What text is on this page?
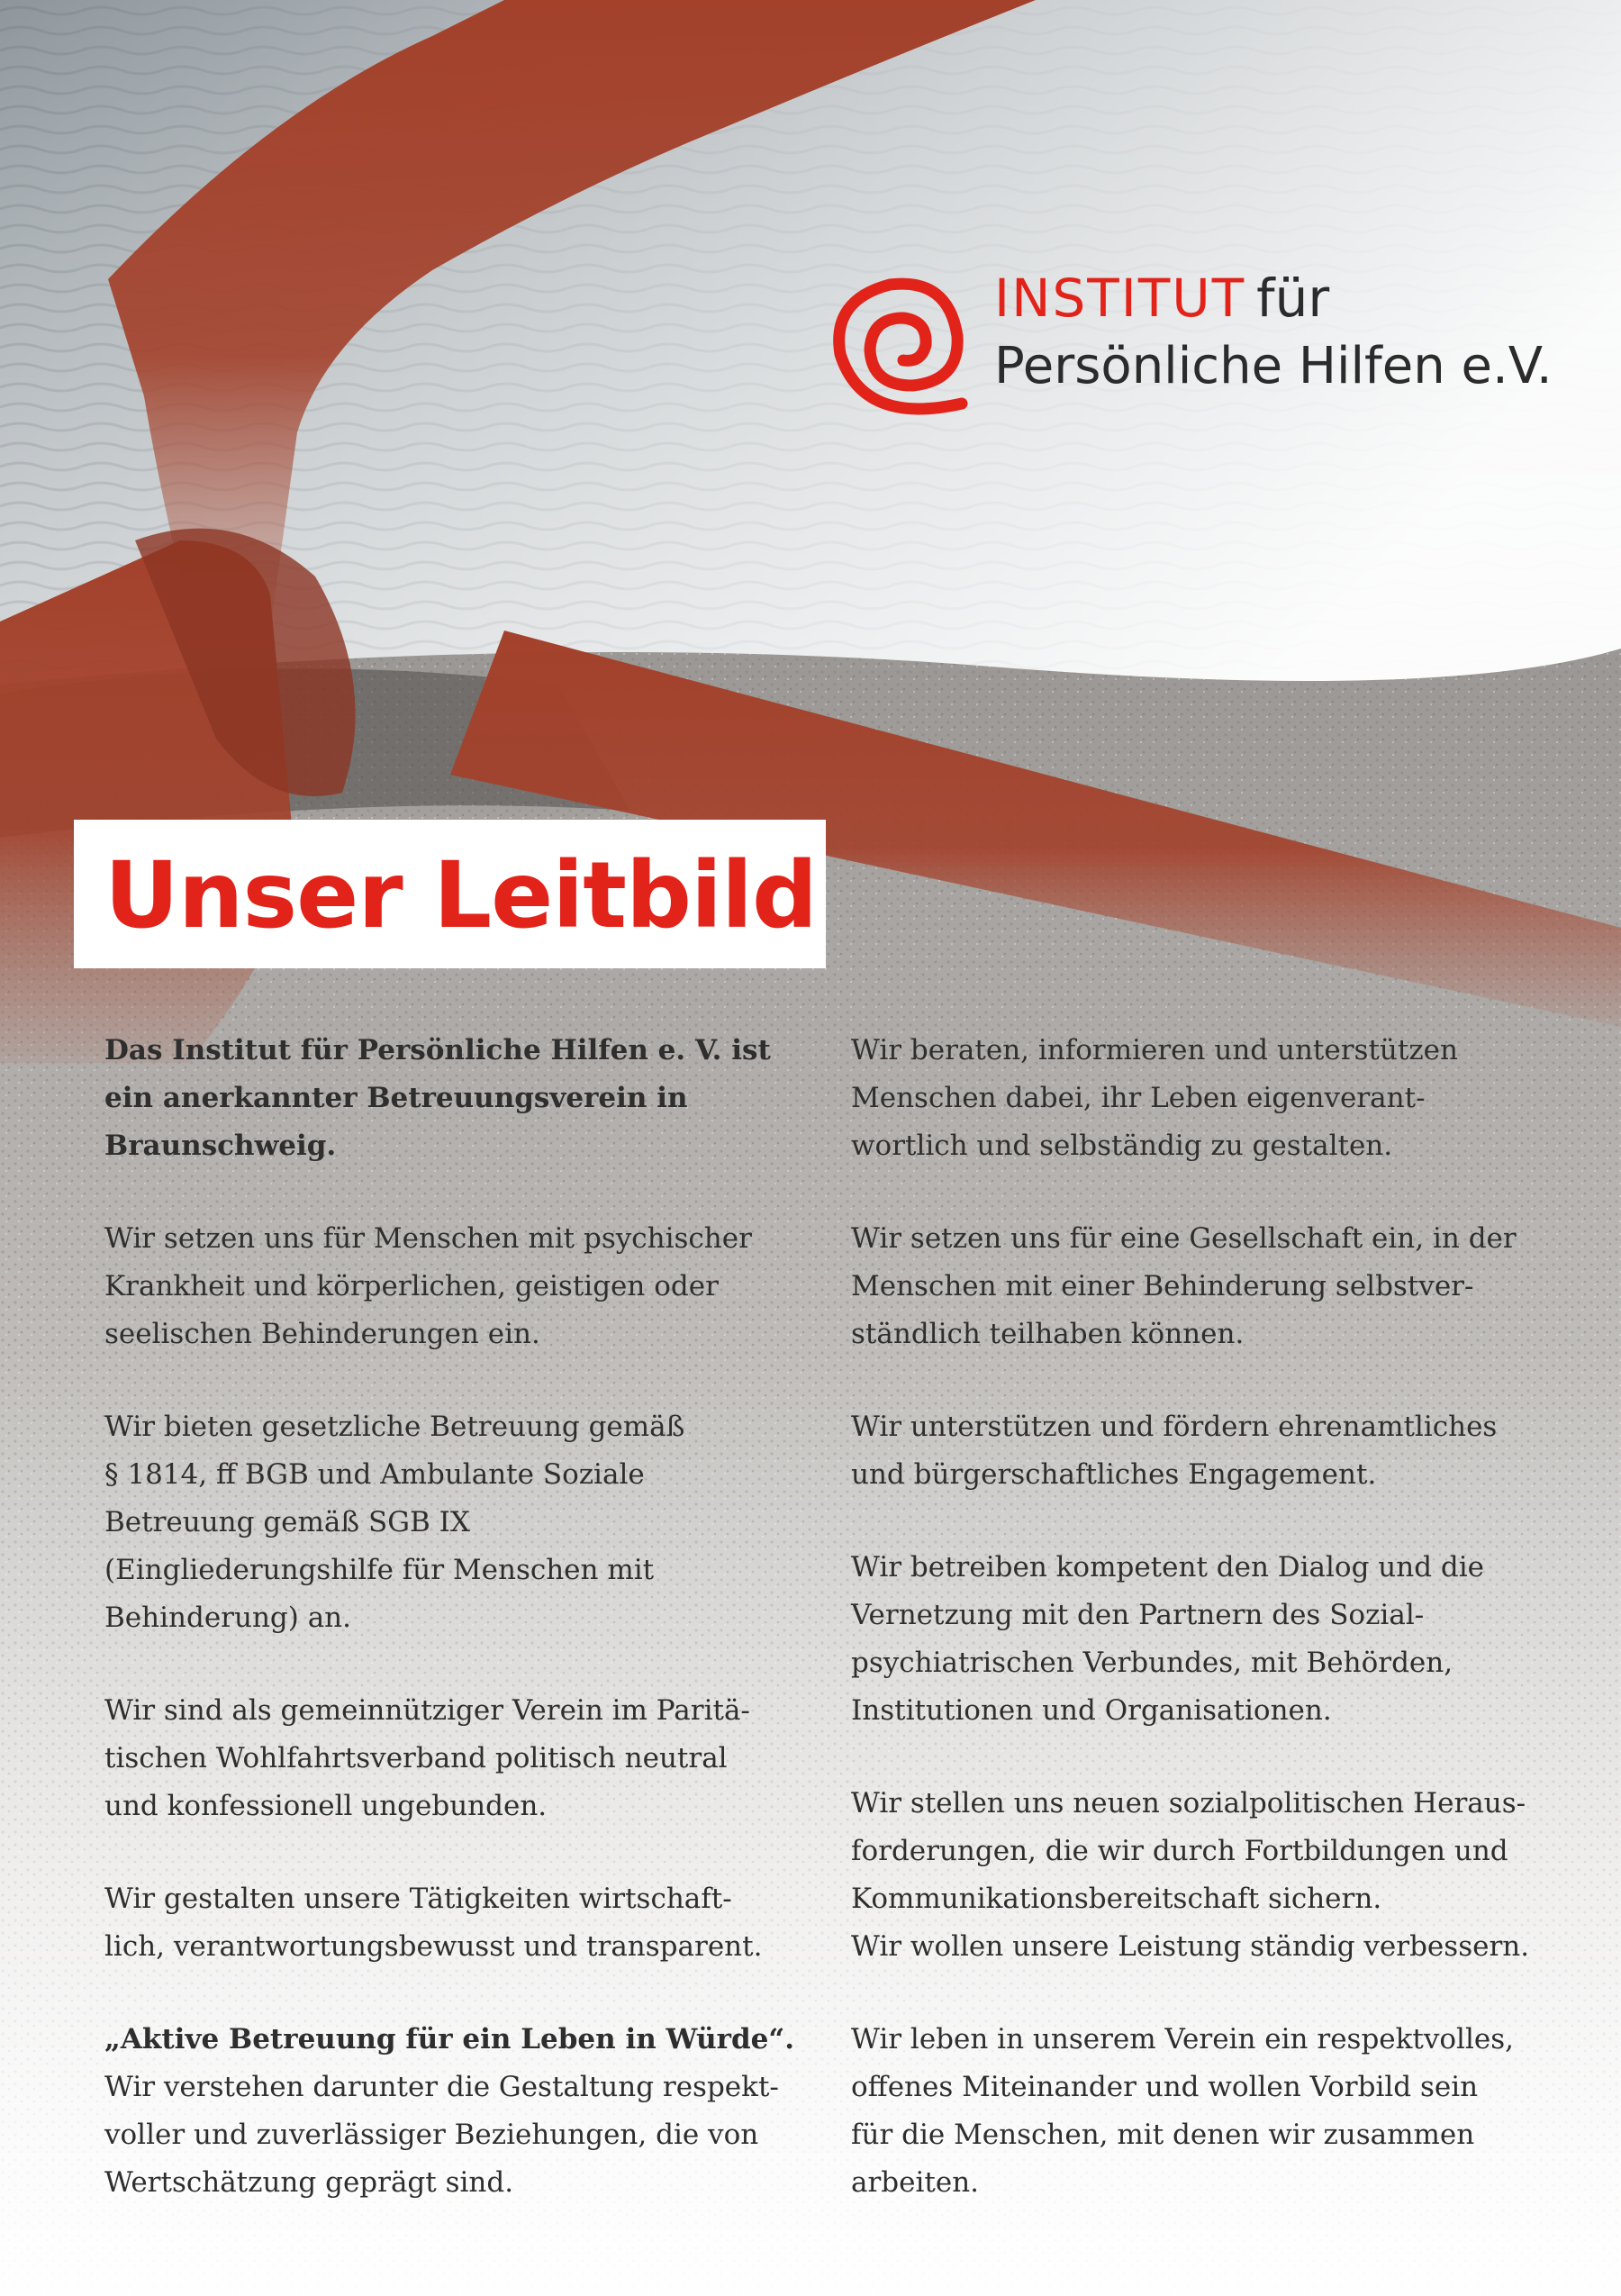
INSTITUT für
Persönliche Hilfen e.V.
Unser Leitbild

Das Institut für Persönliche Hilfen e. V. ist
ein anerkannter Betreuungsverein in
Braunschweig.

Wir setzen uns für Menschen mit psychischer
Krankheit und körperlichen, geistigen oder
seelischen Behinderungen ein.

Wir bieten gesetzliche Betreuung gemäß
§ 1814, ff BGB und Ambulante Soziale
Betreuung gemäß SGB IX
(Eingliederungshilfe für Menschen mit
Behinderung) an.

Wir sind als gemeinnütziger Verein im Paritä-
tischen Wohlfahrtsverband politisch neutral
und konfessionell ungebunden.

Wir gestalten unsere Tätigkeiten wirtschaft-
lich, verantwortungsbewusst und transparent.

„Aktive Betreuung für ein Leben in Würde“.
Wir verstehen darunter die Gestaltung respekt-
voller und zuverlässiger Beziehungen, die von
Wertschätzung geprägt sind.

Wir beraten, informieren und unterstützen
Menschen dabei, ihr Leben eigenverant-
wortlich und selbständig zu gestalten.

Wir setzen uns für eine Gesellschaft ein, in der
Menschen mit einer Behinderung selbstver-
ständlich teilhaben können.

Wir unterstützen und fördern ehrenamtliches
und bürgerschaftliches Engagement.

Wir betreiben kompetent den Dialog und die
Vernetzung mit den Partnern des Sozial-
psychiatrischen Verbundes, mit Behörden,
Institutionen und Organisationen.

Wir stellen uns neuen sozialpolitischen Heraus-
forderungen, die wir durch Fortbildungen und
Kommunikationsbereitschaft sichern.
Wir wollen unsere Leistung ständig verbessern.

Wir leben in unserem Verein ein respektvolles,
offenes Miteinander und wollen Vorbild sein
für die Menschen, mit denen wir zusammen
arbeiten.
